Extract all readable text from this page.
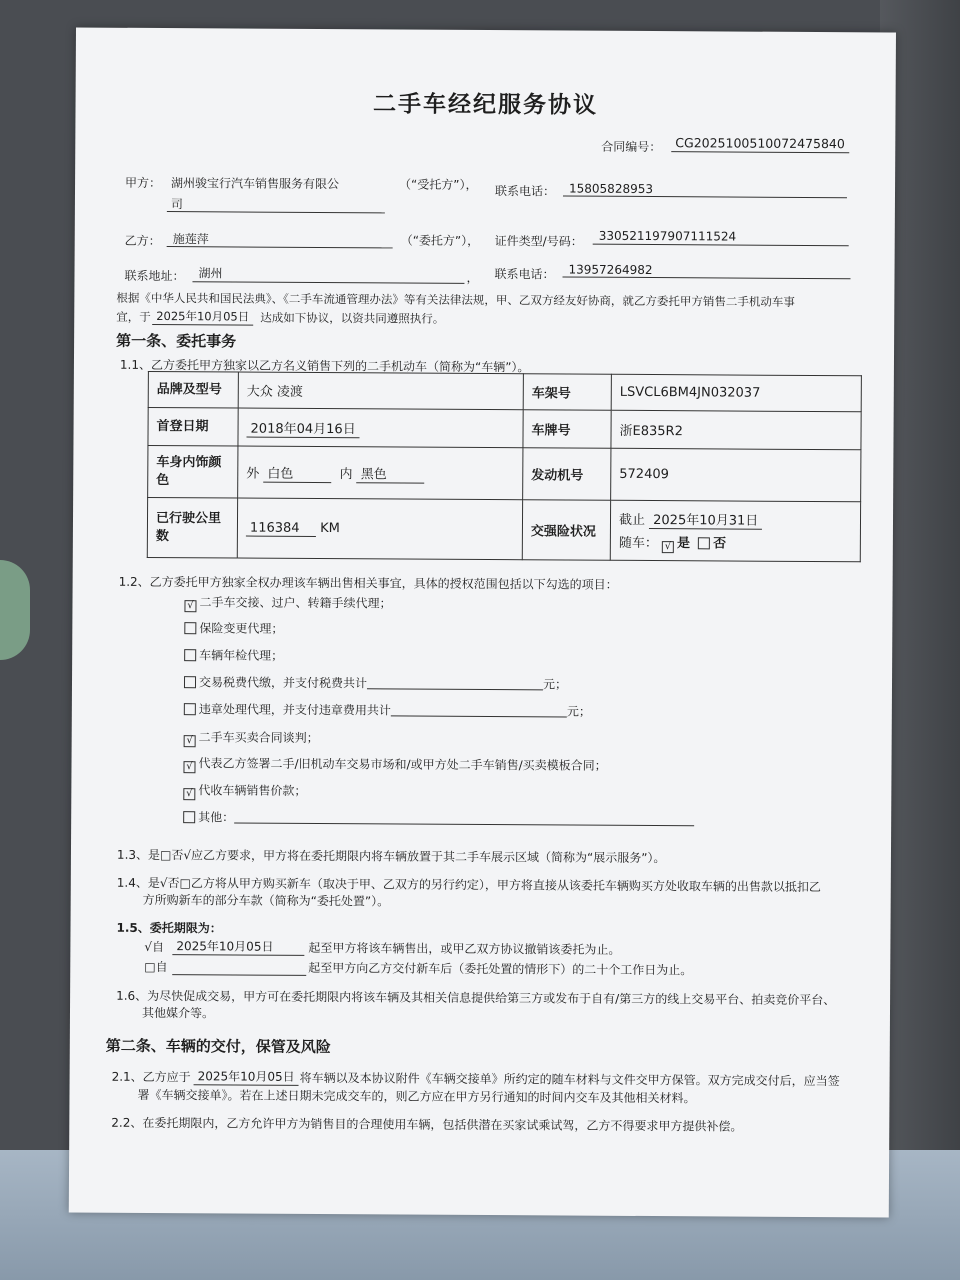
二手车经纪服务协议
合同编号：	CG2025100510072475840
甲方： 湖州骏宝行汽车销售服务有限公	（“受托方”），
司
联系电话： 15805828953
乙方： 施莲萍	（“委托方”）， 证件类型/号码： 330521197907111524
联系地址： 湖州	， 联系电话： 13957264982
根据《中华人民共和国民法典》、《二手车流通管理办法》等有关法律法规，甲、乙双方经友好协商，就乙方委托甲方销售二手机动车事
宜，于 2025年10月05日 达成如下协议，以资共同遵照执行。
第一条、委托事务
1.1、乙方委托甲方独家以乙方名义销售下列的二手机动车（简称为“车辆”）。
品牌及型号	大众 凌渡	车架号	LSVCL6BM4JN032037
首登日期	2018年04月16日	车牌号	浙E835R2
车身内饰颜色	外 白色 内 黑色	发动机号	572409
已行驶公里数	116384 KM	交强险状况	截止 2025年10月31日
随车： √ 是 否
1.2、乙方委托甲方独家全权办理该车辆出售相关事宜，具体的授权范围包括以下勾选的项目：
√ 二手车交接、过户、转籍手续代理；
保险变更代理；
车辆年检代理；
交易税费代缴，并支付税费共计	元；
违章处理代理，并支付违章费用共计	元；
√ 二手车买卖合同谈判；
√ 代表乙方签署二手/旧机动车交易市场和/或甲方处二手车销售/买卖模板合同；
√ 代收车辆销售价款；
其他：
1.3、是□否√应乙方要求，甲方将在委托期限内将车辆放置于其二手车展示区域（简称为“展示服务”）。
1.4、是√否□乙方将从甲方购买新车（取决于甲、乙双方的另行约定），甲方将直接从该委托车辆购买方处收取车辆的出售款以抵扣乙
方所购新车的部分车款（简称为“委托处置”）。
1.5、委托期限为：
√自	2025年10月05日	起至甲方将该车辆售出，或甲乙双方协议撤销该委托为止。
□自	起至甲方向乙方交付新车后（委托处置的情形下）的二十个工作日为止。
1.6、为尽快促成交易，甲方可在委托期限内将该车辆及其相关信息提供给第三方或发布于自有/第三方的线上交易平台、拍卖竞价平台、
其他媒介等。
第二条、车辆的交付，保管及风险
2.1、乙方应于 2025年10月05日 将车辆以及本协议附件《车辆交接单》所约定的随车材料与文件交甲方保管。双方完成交付后，应当签
署《车辆交接单》。若在上述日期未完成交车的，则乙方应在甲方另行通知的时间内交车及其他相关材料。
2.2、在委托期限内，乙方允许甲方为销售目的合理使用车辆，包括供潜在买家试乘试驾，乙方不得要求甲方提供补偿。
